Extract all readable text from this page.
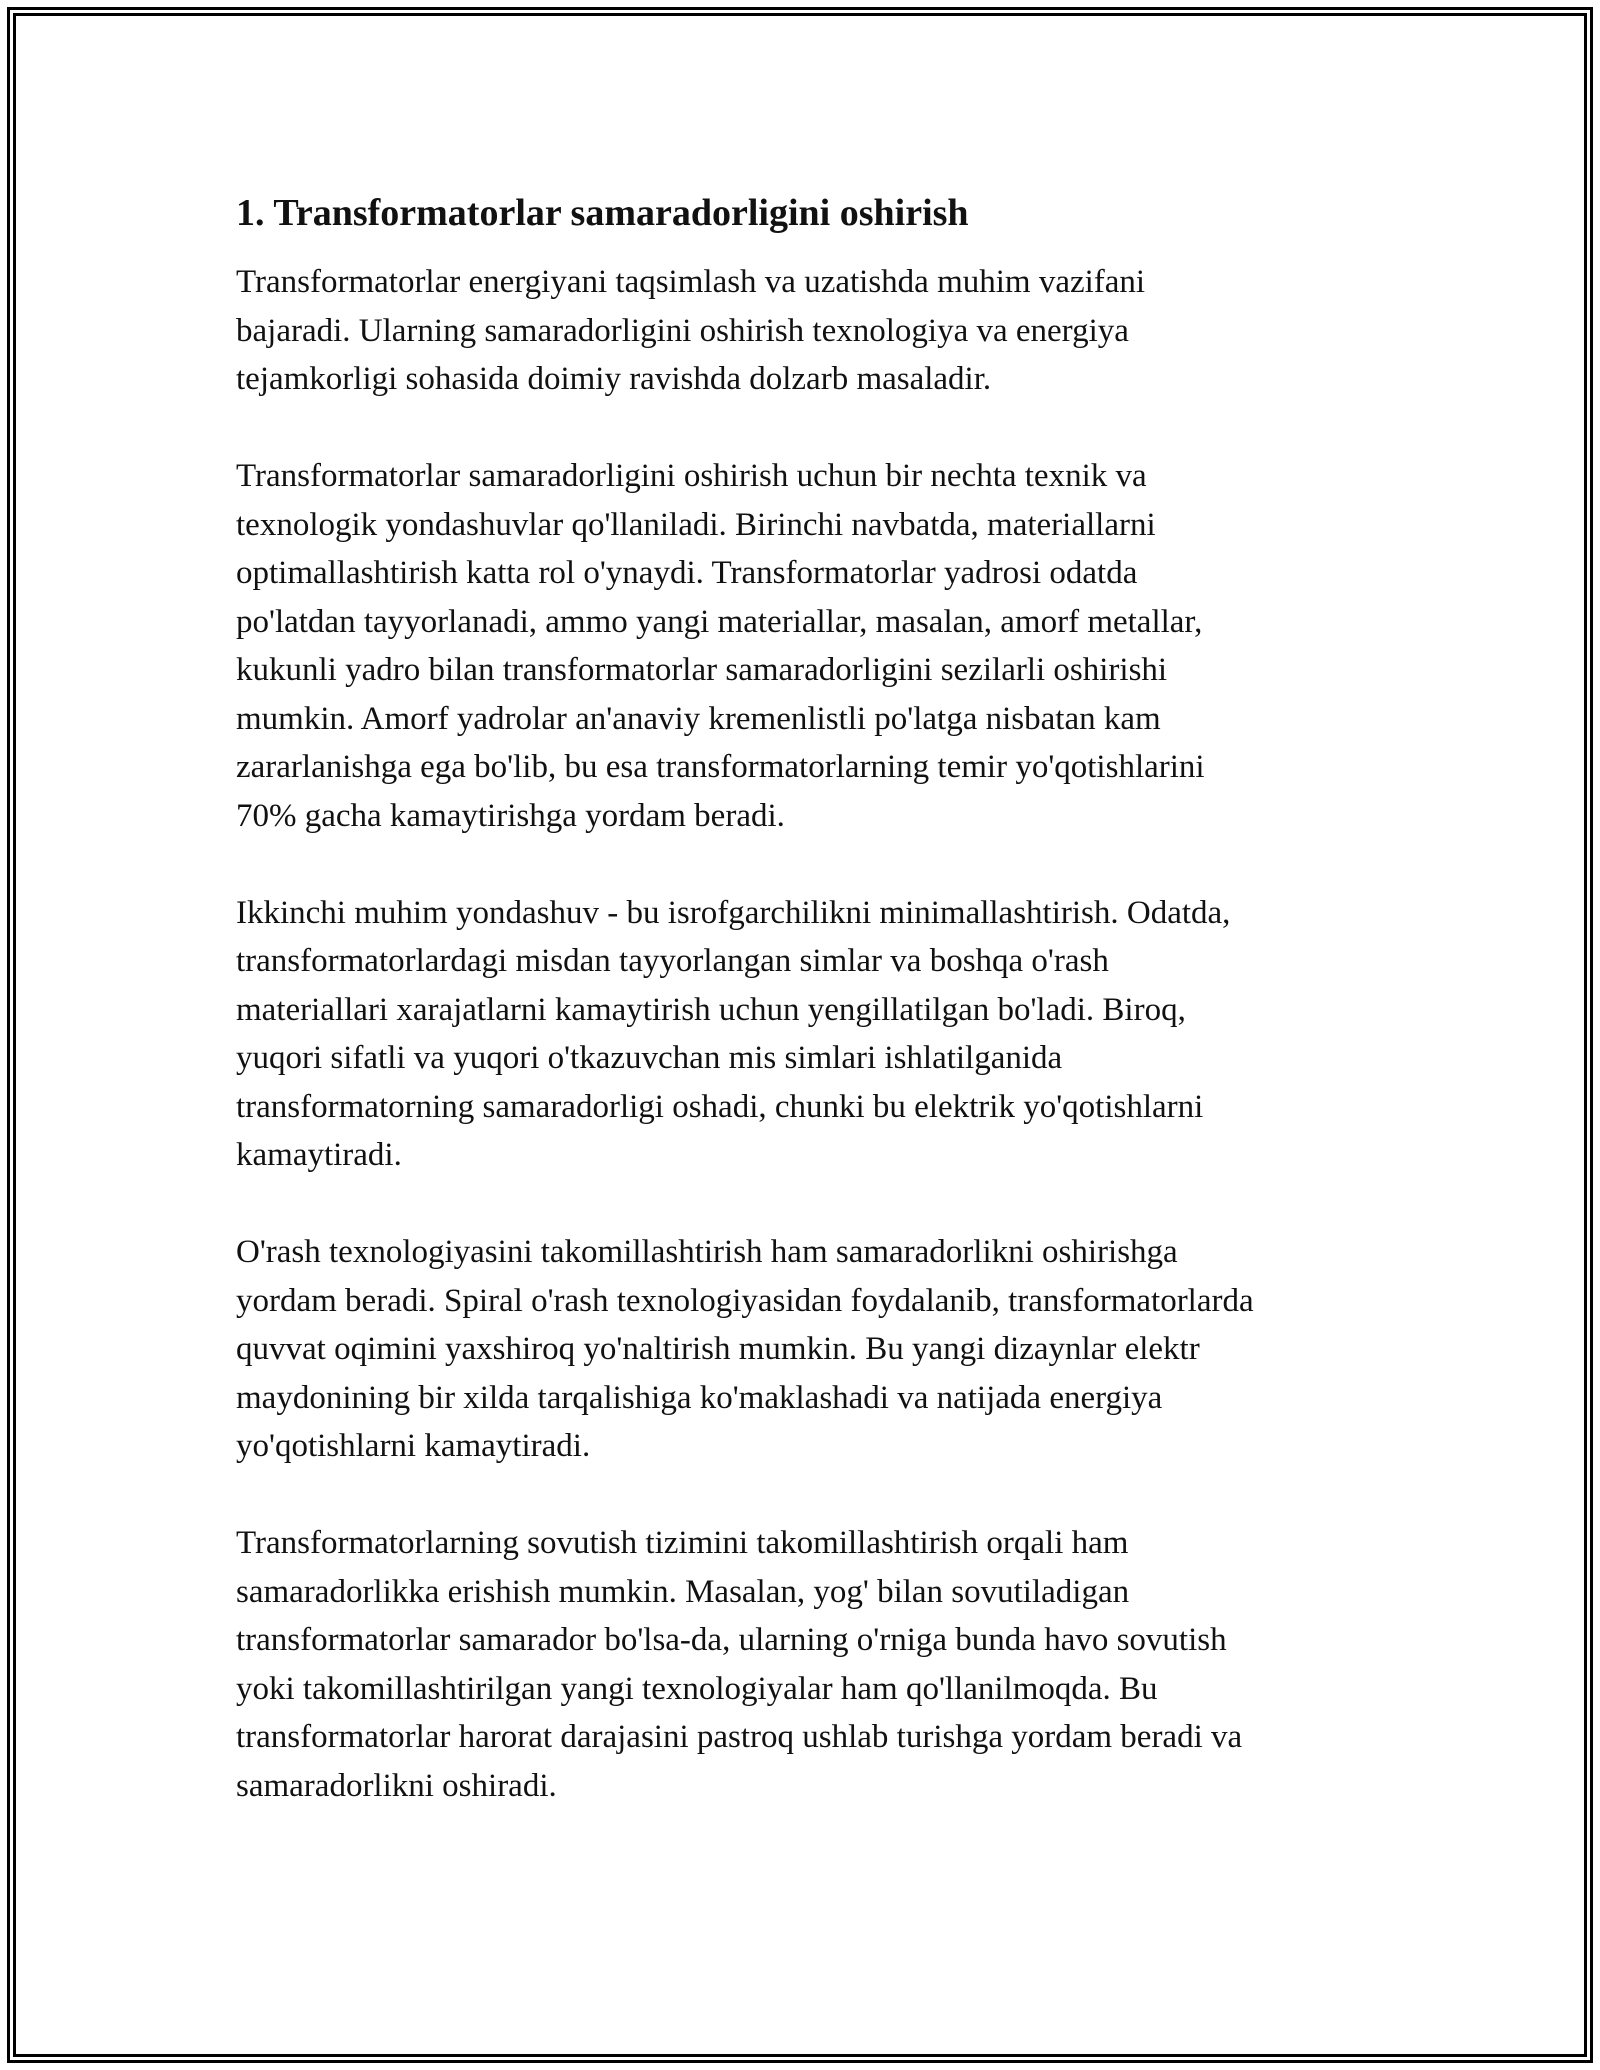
1. Transformatorlar samaradorligini oshirish

Transformatorlar energiyani taqsimlash va uzatishda muhim vazifani
bajaradi. Ularning samaradorligini oshirish texnologiya va energiya
tejamkorligi sohasida doimiy ravishda dolzarb masaladir.

Transformatorlar samaradorligini oshirish uchun bir nechta texnik va
texnologik yondashuvlar qo'llaniladi. Birinchi navbatda, materiallarni
optimallashtirish katta rol o'ynaydi. Transformatorlar yadrosi odatda
po'latdan tayyorlanadi, ammo yangi materiallar, masalan, amorf metallar,
kukunli yadro bilan transformatorlar samaradorligini sezilarli oshirishi
mumkin. Amorf yadrolar an'anaviy kremenlistli po'latga nisbatan kam
zararlanishga ega bo'lib, bu esa transformatorlarning temir yo'qotishlarini
70% gacha kamaytirishga yordam beradi.

Ikkinchi muhim yondashuv - bu isrofgarchilikni minimallashtirish. Odatda,
transformatorlardagi misdan tayyorlangan simlar va boshqa o'rash
materiallari xarajatlarni kamaytirish uchun yengillatilgan bo'ladi. Biroq,
yuqori sifatli va yuqori o'tkazuvchan mis simlari ishlatilganida
transformatorning samaradorligi oshadi, chunki bu elektrik yo'qotishlarni
kamaytiradi.

O'rash texnologiyasini takomillashtirish ham samaradorlikni oshirishga
yordam beradi. Spiral o'rash texnologiyasidan foydalanib, transformatorlarda
quvvat oqimini yaxshiroq yo'naltirish mumkin. Bu yangi dizaynlar elektr
maydonining bir xilda tarqalishiga ko'maklashadi va natijada energiya
yo'qotishlarni kamaytiradi.

Transformatorlarning sovutish tizimini takomillashtirish orqali ham
samaradorlikka erishish mumkin. Masalan, yog' bilan sovutiladigan
transformatorlar samarador bo'lsa-da, ularning o'rniga bunda havo sovutish
yoki takomillashtirilgan yangi texnologiyalar ham qo'llanilmoqda. Bu
transformatorlar harorat darajasini pastroq ushlab turishga yordam beradi va
samaradorlikni oshiradi.
